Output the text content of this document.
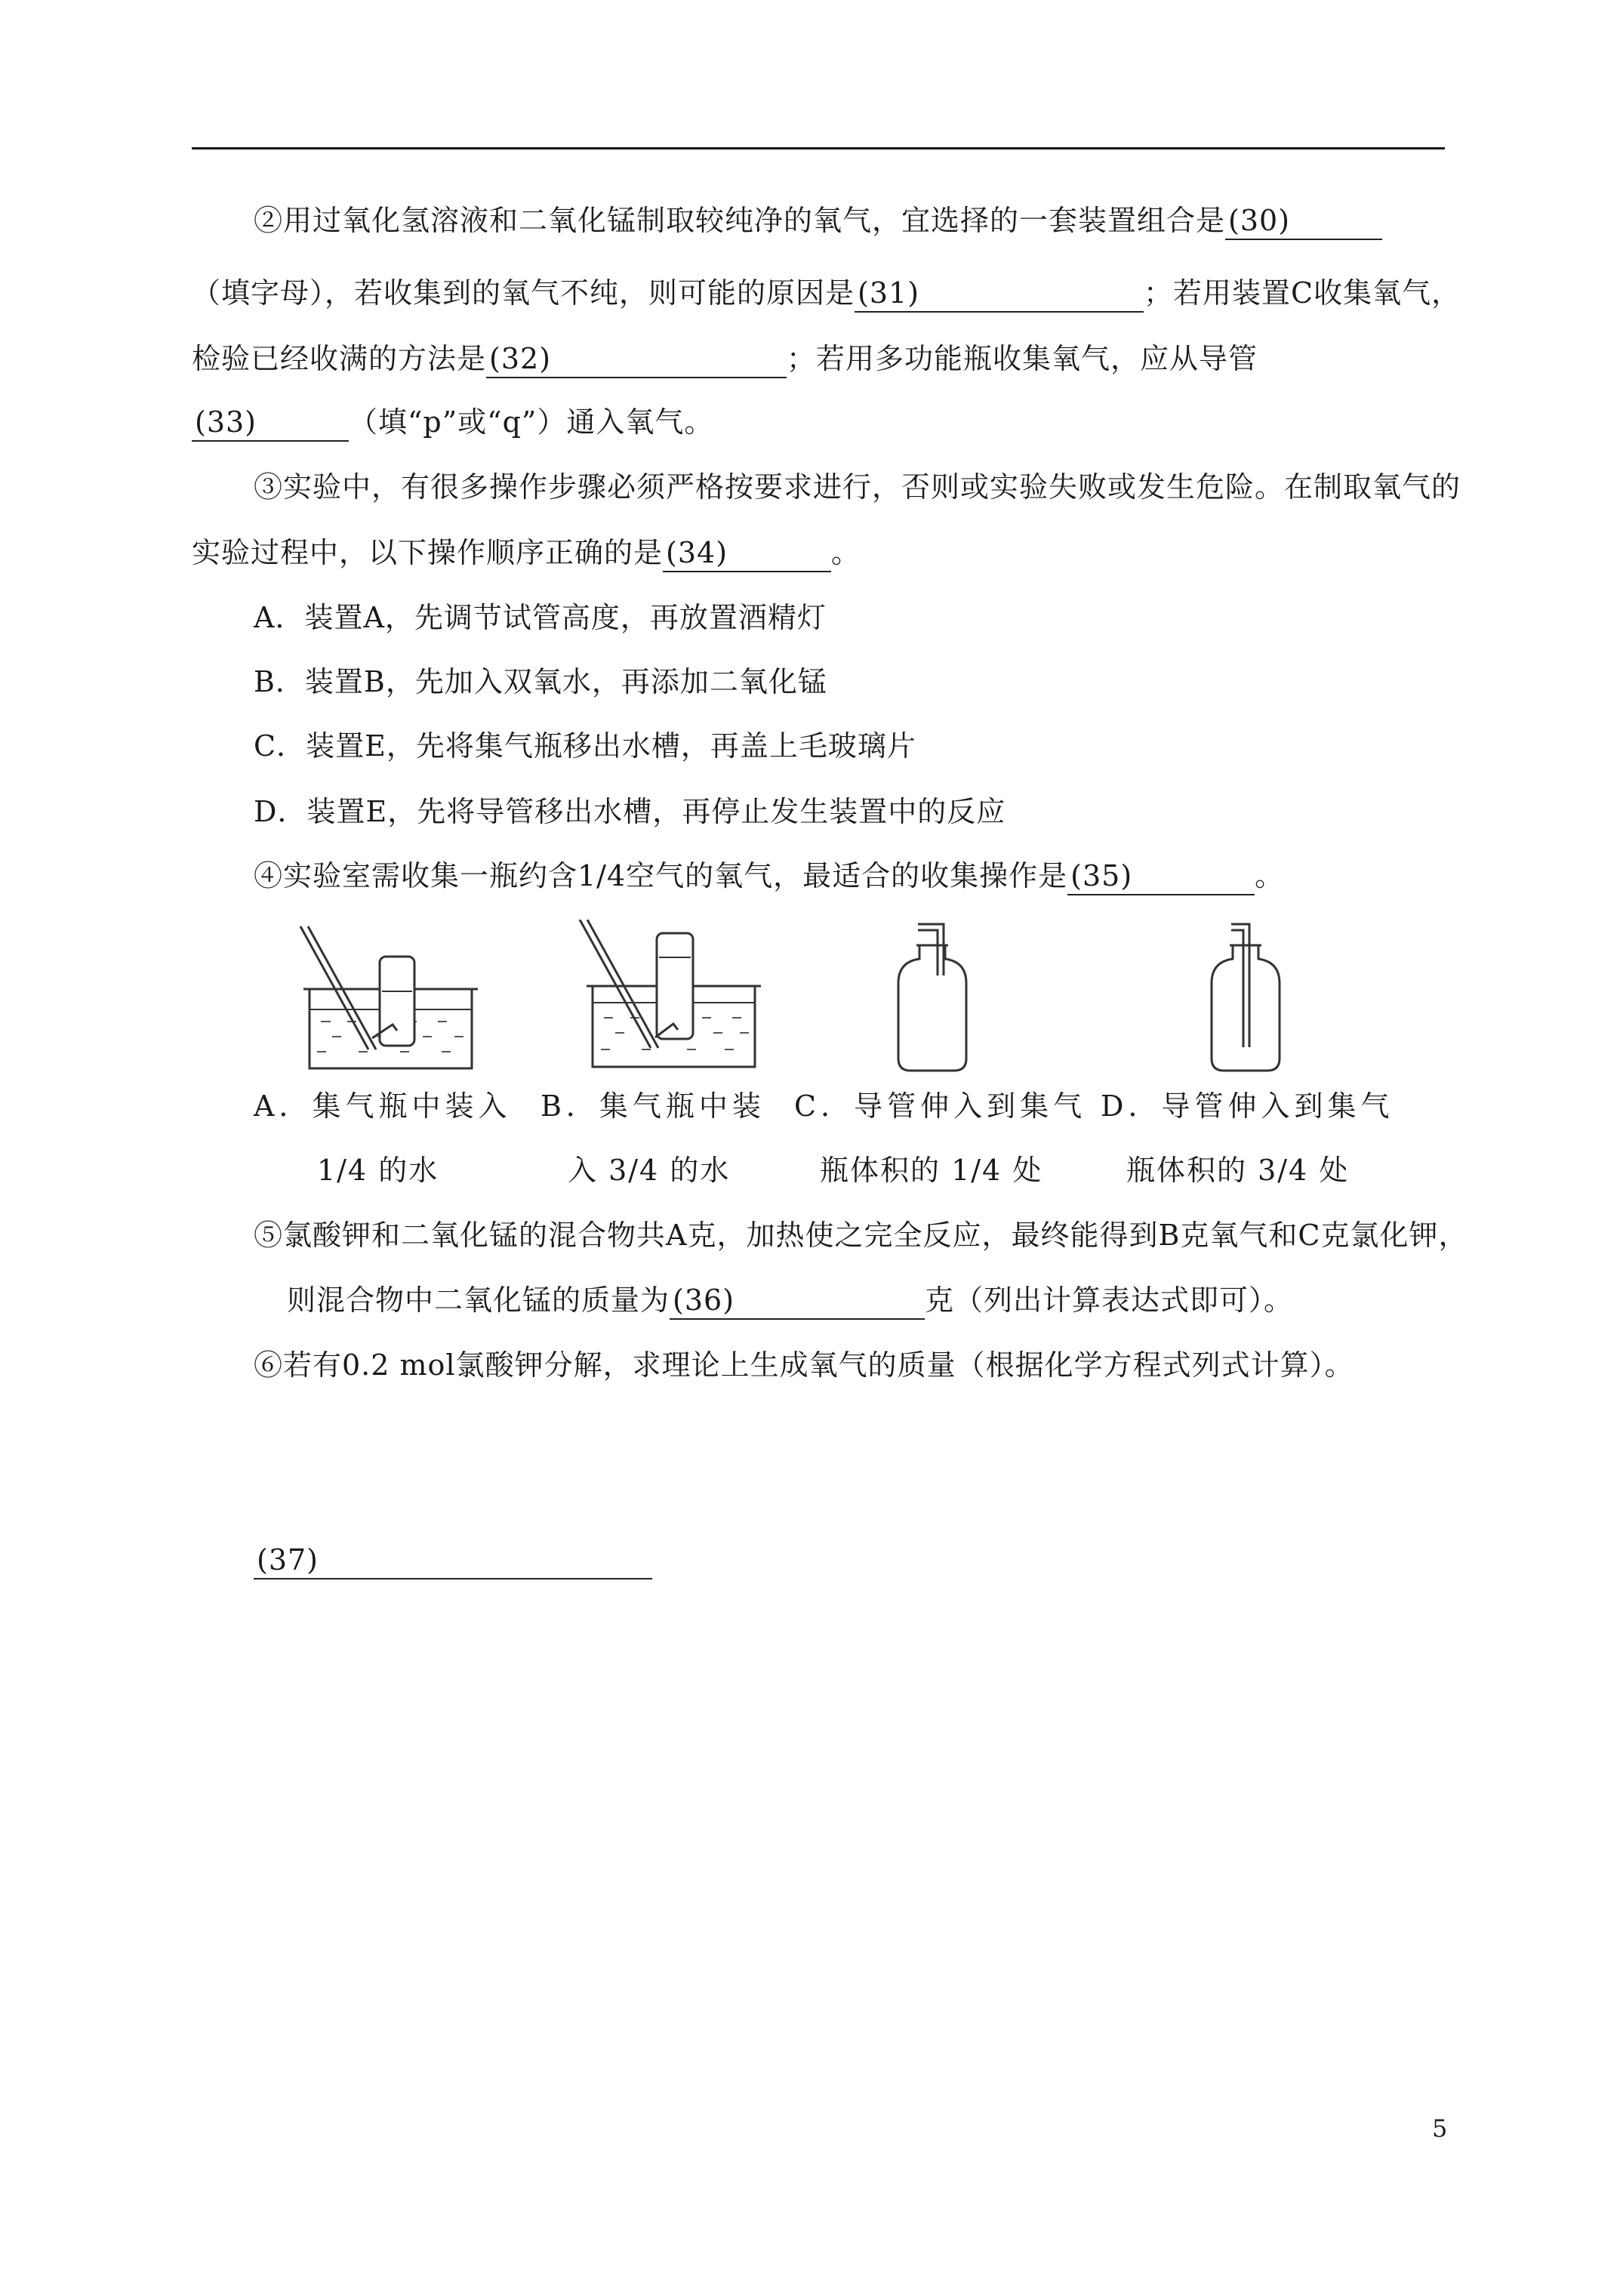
②用过氧化氢溶液和二氧化锰制取较纯净的氧气，宜选择的一套装置组合是 (30)
（填字母），若收集到的氧气不纯，则可能的原因是 (31)	；若用装置C收集氧气，
检验已经收满的方法是 (32)	；若用多功能瓶收集氧气，应从导管
(33)	（填“p”或“q”）通入氧气。
③实验中，有很多操作步骤必须严格按要求进行，否则或实验失败或发生危险。在制取氧气的
实验过程中，以下操作顺序正确的是 (34)	。
A．装置A，先调节试管高度，再放置酒精灯
B．装置B，先加入双氧水，再添加二氧化锰
C．装置E，先将集气瓶移出水槽，再盖上毛玻璃片
D．装置E，先将导管移出水槽，再停止发生装置中的反应
④实验室需收集一瓶约含1/4空气的氧气，最适合的收集操作是 (35)	。
A．集气瓶中装入
1/4 的水
B．集气瓶中装
入 3/4 的水
C．导管伸入到集气
瓶体积的 1/4 处
D．导管伸入到集气
瓶体积的 3/4 处
⑤氯酸钾和二氧化锰的混合物共A克，加热使之完全反应，最终能得到B克氧气和C克氯化钾，
则混合物中二氧化锰的质量为 (36)	克（列出计算表达式即可）。
⑥若有0.2 mol氯酸钾分解，求理论上生成氧气的质量（根据化学方程式列式计算）。
(37)
5
